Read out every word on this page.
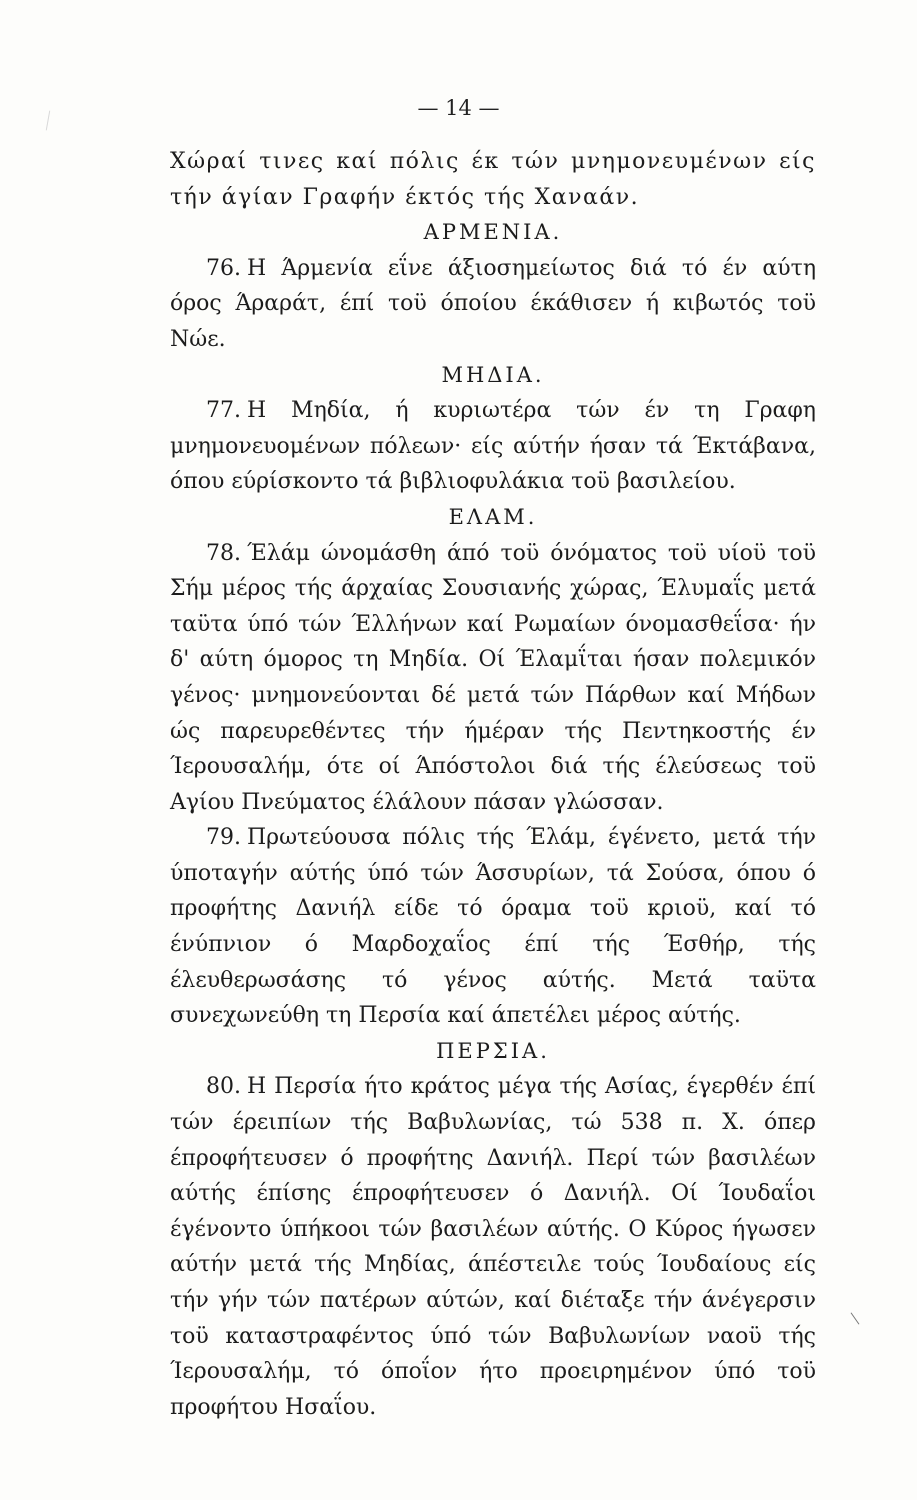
— 14 —

Χώραί τινες καί πόλις έκ τών μνημονευμένων είς τήν άγίαν Γραφήν έκτός τής Χαναάν.

ΑΡΜΕΝΙΑ.

76. Η Άρμενία εΐνε άξιοσημείωτος διά τό έν αύτη όρος Άραράτ, έπί τοϋ όποίου έκάθισεν ή κιβωτός τοϋ Νώε.

ΜΗΔΙΑ.

77. Η Μηδία, ή κυριωτέρα τών έν τη Γραφη μνημονευομένων πόλεων· είς αύτήν ήσαν τά Έκτάβανα, όπου εύρίσκοντο τά βιβλιοφυλάκια τοϋ βασιλείου.

ΕΛΑΜ.

78. Έλάμ ώνομάσθη άπό τοϋ όνόματος τοϋ υίοϋ τοϋ Σήμ μέρος τής άρχαίας Σουσιανής χώρας, Έλυμαΐς μετά ταϋτα ύπό τών Έλλήνων καί Ρωμαίων όνομασθεΐσα· ήν δ' αύτη όμορος τη Μηδία. Οί Έλαμΐται ήσαν πολεμικόν γένος· μνημονεύονται δέ μετά τών Πάρθων καί Μήδων ώς παρευρεθέντες τήν ήμέραν τής Πεντηκοστής έν Ίερουσαλήμ, ότε οί Άπόστολοι διά τής έλεύσεως τοϋ Αγίου Πνεύματος έλάλουν πάσαν γλώσσαν.

79. Πρωτεύουσα πόλις τής Έλάμ, έγένετο, μετά τήν ύποταγήν αύτής ύπό τών Άσσυρίων, τά Σούσα, όπου ό προφήτης Δανιήλ είδε τό όραμα τοϋ κριοϋ, καί τό ένύπνιον ό Μαρδοχαΐος έπί τής Έσθήρ, τής έλευθερωσάσης τό γένος αύτής. Μετά ταϋτα συνεχωνεύθη τη Περσία καί άπετέλει μέρος αύτής.

ΠΕΡΣΙΑ.

80. Η Περσία ήτο κράτος μέγα τής Ασίας, έγερθέν έπί τών έρειπίων τής Βαβυλωνίας, τώ 538 π. Χ. όπερ έπροφήτευσεν ό προφήτης Δανιήλ. Περί τών βασιλέων αύτής έπίσης έπροφήτευσεν ό Δανιήλ. Οί Ίουδαΐοι έγένοντο ύπήκοοι τών βασιλέων αύτής. Ο Κύρος ήγωσεν αύτήν μετά τής Μηδίας, άπέστειλε τούς Ίουδαίους είς τήν γήν τών πατέρων αύτών, καί διέταξε τήν άνέγερσιν τοϋ καταστραφέντος ύπό τών Βαβυλωνίων ναοϋ τής Ίερουσαλήμ, τό όποΐον ήτο προειρημένον ύπό τοϋ προφήτου Ησαΐου.
